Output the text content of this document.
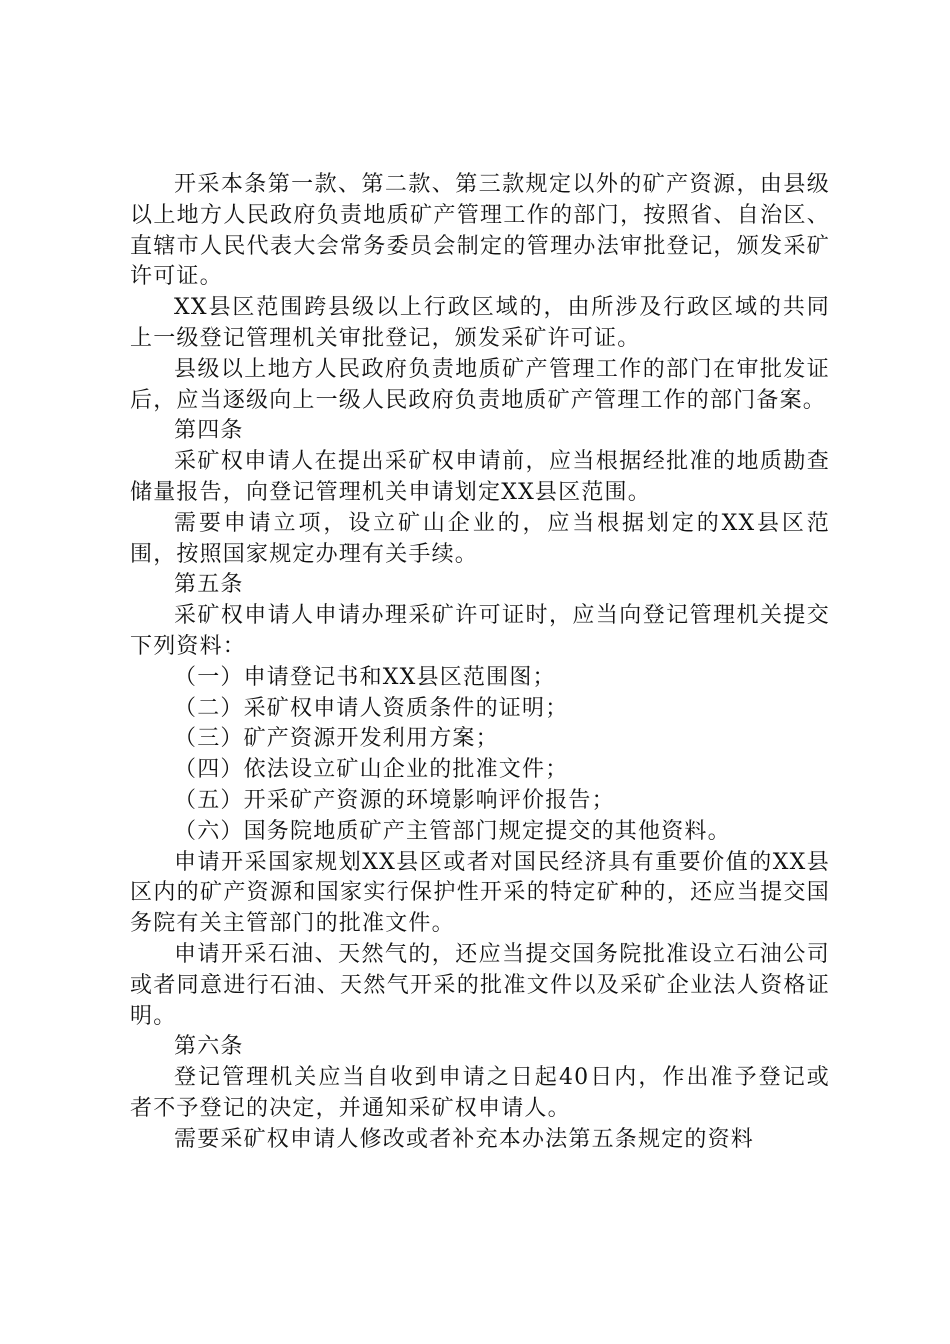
开采本条第一款、第二款、第三款规定以外的矿产资源，由县级以上地方人民政府负责地质矿产管理工作的部门，按照省、自治区、直辖市人民代表大会常务委员会制定的管理办法审批登记，颁发采矿许可证。

XX县区范围跨县级以上行政区域的，由所涉及行政区域的共同上一级登记管理机关审批登记，颁发采矿许可证。

县级以上地方人民政府负责地质矿产管理工作的部门在审批发证后，应当逐级向上一级人民政府负责地质矿产管理工作的部门备案。

第四条

采矿权申请人在提出采矿权申请前，应当根据经批准的地质勘查储量报告，向登记管理机关申请划定XX县区范围。

需要申请立项，设立矿山企业的，应当根据划定的XX县区范围，按照国家规定办理有关手续。

第五条

采矿权申请人申请办理采矿许可证时，应当向登记管理机关提交下列资料：

（一）申请登记书和XX县区范围图；

（二）采矿权申请人资质条件的证明；

（三）矿产资源开发利用方案；

（四）依法设立矿山企业的批准文件；

（五）开采矿产资源的环境影响评价报告；

（六）国务院地质矿产主管部门规定提交的其他资料。

申请开采国家规划XX县区或者对国民经济具有重要价值的XX县区内的矿产资源和国家实行保护性开采的特定矿种的，还应当提交国务院有关主管部门的批准文件。

申请开采石油、天然气的，还应当提交国务院批准设立石油公司或者同意进行石油、天然气开采的批准文件以及采矿企业法人资格证明。

第六条

登记管理机关应当自收到申请之日起40日内，作出准予登记或者不予登记的决定，并通知采矿权申请人。

需要采矿权申请人修改或者补充本办法第五条规定的资料
